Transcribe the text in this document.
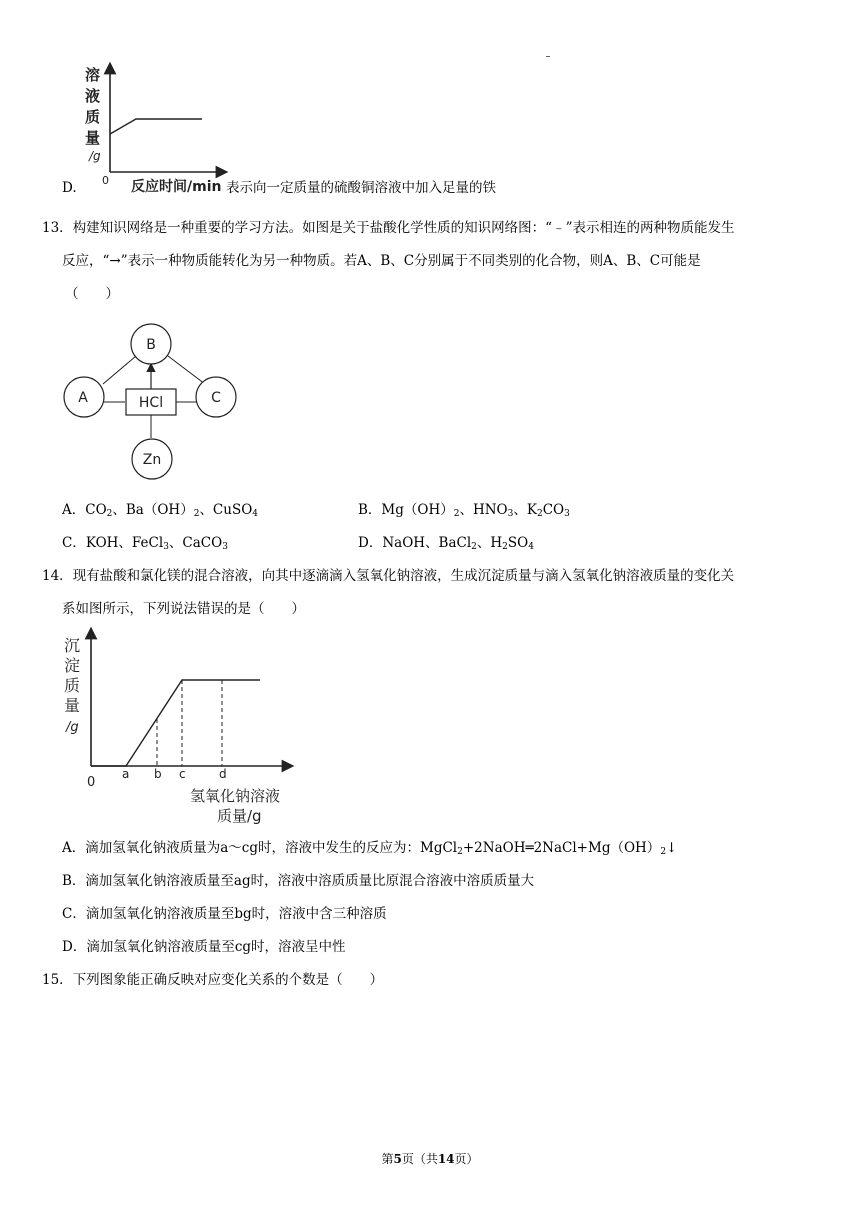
溶
液
质
量
/g
0 反应时间/min
D.	表示向一定质量的硫酸铜溶液中加入足量的铁
13．构建知识网络是一种重要的学习方法。如图是关于盐酸化学性质的知识网络图：“﹣”表示相连的两种物质能发生
反应，“→”表示一种物质能转化为另一种物质。若A、B、C分别属于不同类别的化合物，则A、B、C可能是
（　　）
B
A	C
HCl
Zn
A．$CO_2$、$Ba(OH)_2$、CuSO$_4$	B．$Mg(OH)_2$、$HNO_3$、$K_2CO_3$
C．KOH、FeCl$_3$、CaCO$_3$	D．NaOH、BaCl$_2$、$H_2SO_4$
14．现有盐酸和氯化镁的混合溶液，向其中逐滴滴入氢氧化钠溶液，生成沉淀质量与滴入氢氧化钠溶液质量的变化关
系如图所示，下列说法错误的是（　　）
沉
淀
质
量
/g
0
a b c	d
氢氧化钠溶液
质量/g
A．滴加氢氧化钠液质量为a～cg时，溶液中发生的反应为：$MgCl_2+2NaOH═2NaCl+Mg(OH)_2↓$
B．滴加氢氧化钠溶液质量至ag时，溶液中溶质质量比原混合溶液中溶质质量大
C．滴加氢氧化钠溶液质量至bg时，溶液中含三种溶质
D．滴加氢氧化钠溶液质量至cg时，溶液呈中性
15．下列图象能正确反映对应变化关系的个数是（　　）
第5页（共14页）
